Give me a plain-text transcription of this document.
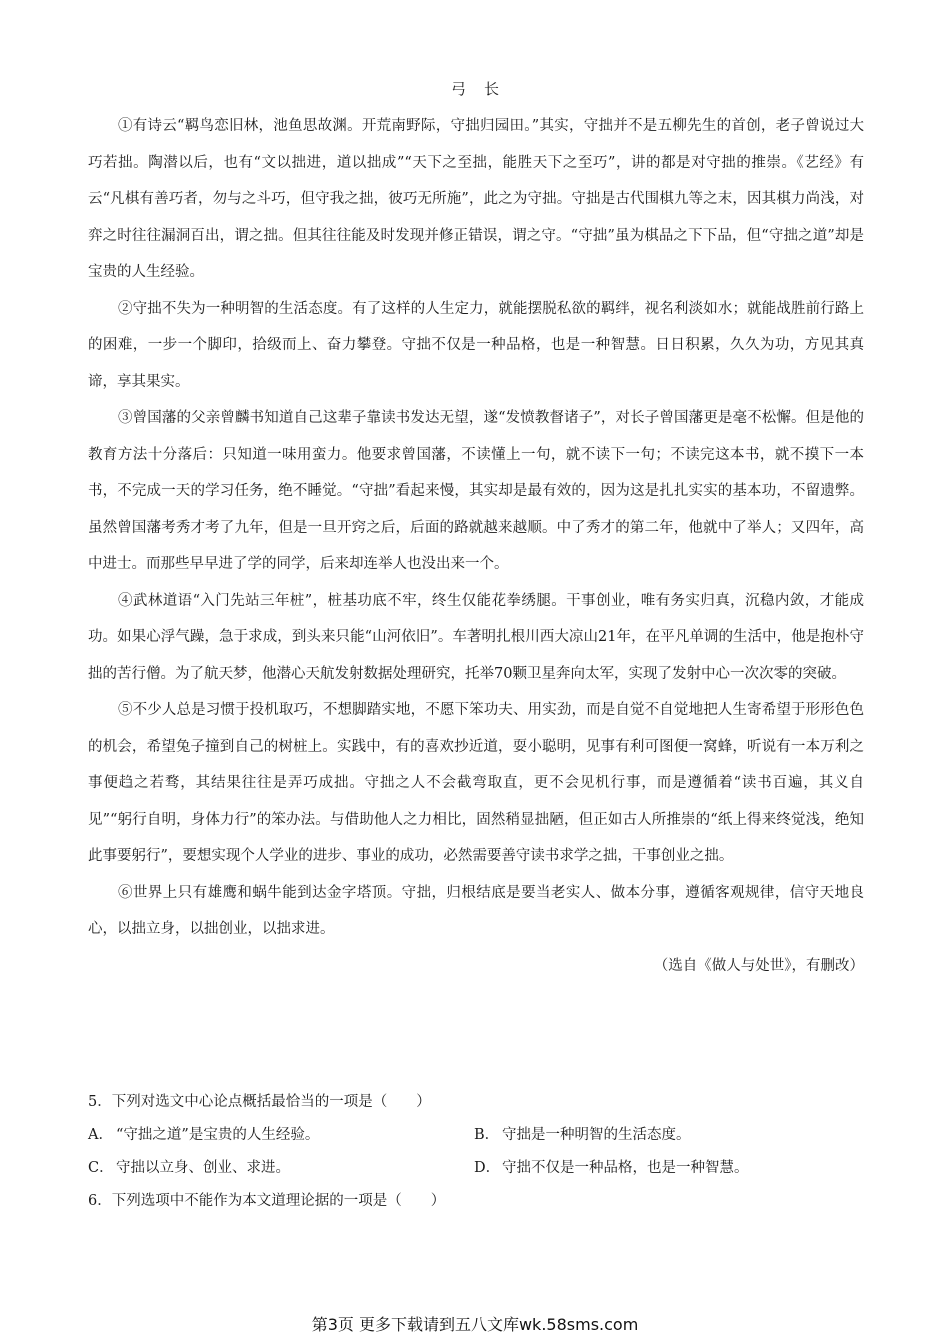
弓长

①有诗云“羁鸟恋旧林，池鱼思故渊。开荒南野际，守拙归园田。”其实，守拙并不是五柳先生的首创，老子曾说过大巧若拙。陶潜以后，也有“文以拙进，道以拙成”“天下之至拙，能胜天下之至巧”，讲的都是对守拙的推崇。《艺经》有云“凡棋有善巧者，勿与之斗巧，但守我之拙，彼巧无所施”，此之为守拙。守拙是古代围棋九等之末，因其棋力尚浅，对弈之时往往漏洞百出，谓之拙。但其往往能及时发现并修正错误，谓之守。“守拙”虽为棋品之下下品，但“守拙之道”却是宝贵的人生经验。

②守拙不失为一种明智的生活态度。有了这样的人生定力，就能摆脱私欲的羁绊，视名利淡如水；就能战胜前行路上的困难，一步一个脚印，拾级而上、奋力攀登。守拙不仅是一种品格，也是一种智慧。日日积累，久久为功，方见其真谛，享其果实。

③曾国藩的父亲曾麟书知道自己这辈子靠读书发达无望，遂“发愤教督诸子”，对长子曾国藩更是毫不松懈。但是他的教育方法十分落后：只知道一味用蛮力。他要求曾国藩，不读懂上一句，就不读下一句；不读完这本书，就不摸下一本书，不完成一天的学习任务，绝不睡觉。“守拙”看起来慢，其实却是最有效的，因为这是扎扎实实的基本功，不留遗弊。虽然曾国藩考秀才考了九年，但是一旦开窍之后，后面的路就越来越顺。中了秀才的第二年，他就中了举人；又四年，高中进士。而那些早早进了学的同学，后来却连举人也没出来一个。

④武林道语“入门先站三年桩”，桩基功底不牢，终生仅能花拳绣腿。干事创业，唯有务实归真，沉稳内敛，才能成功。如果心浮气躁，急于求成，到头来只能“山河依旧”。车著明扎根川西大凉山21年，在平凡单调的生活中，他是抱朴守拙的苦行僧。为了航天梦，他潜心天航发射数据处理研究，托举70颗卫星奔向太军，实现了发射中心一次次零的突破。

⑤不少人总是习惯于投机取巧，不想脚踏实地，不愿下笨功夫、用实劲，而是自觉不自觉地把人生寄希望于形形色色的机会，希望兔子撞到自己的树桩上。实践中，有的喜欢抄近道，耍小聪明，见事有利可图便一窝蜂，听说有一本万利之事便趋之若骛，其结果往往是弄巧成拙。守拙之人不会截弯取直，更不会见机行事，而是遵循着“读书百遍，其义自见”“躬行自明，身体力行”的笨办法。与借助他人之力相比，固然稍显拙陋，但正如古人所推崇的“纸上得来终觉浅，绝知此事要躬行”，要想实现个人学业的进步、事业的成功，必然需要善守读书求学之拙，干事创业之拙。

⑥世界上只有雄鹰和蜗牛能到达金字塔顶。守拙，归根结底是要当老实人、做本分事，遵循客观规律，信守天地良心，以拙立身，以拙创业，以拙求进。

（选自《做人与处世》，有删改）

5．下列对选文中心论点概括最恰当的一项是（　　）

A． “守拙之道”是宝贵的人生经验。	B． 守拙是一种明智的生活态度。

C． 守拙以立身、创业、求进。	D． 守拙不仅是一种品格，也是一种智慧。

6．下列选项中不能作为本文道理论据的一项是（　　）

第3页 更多下载请到五八文库wk.58sms.com
